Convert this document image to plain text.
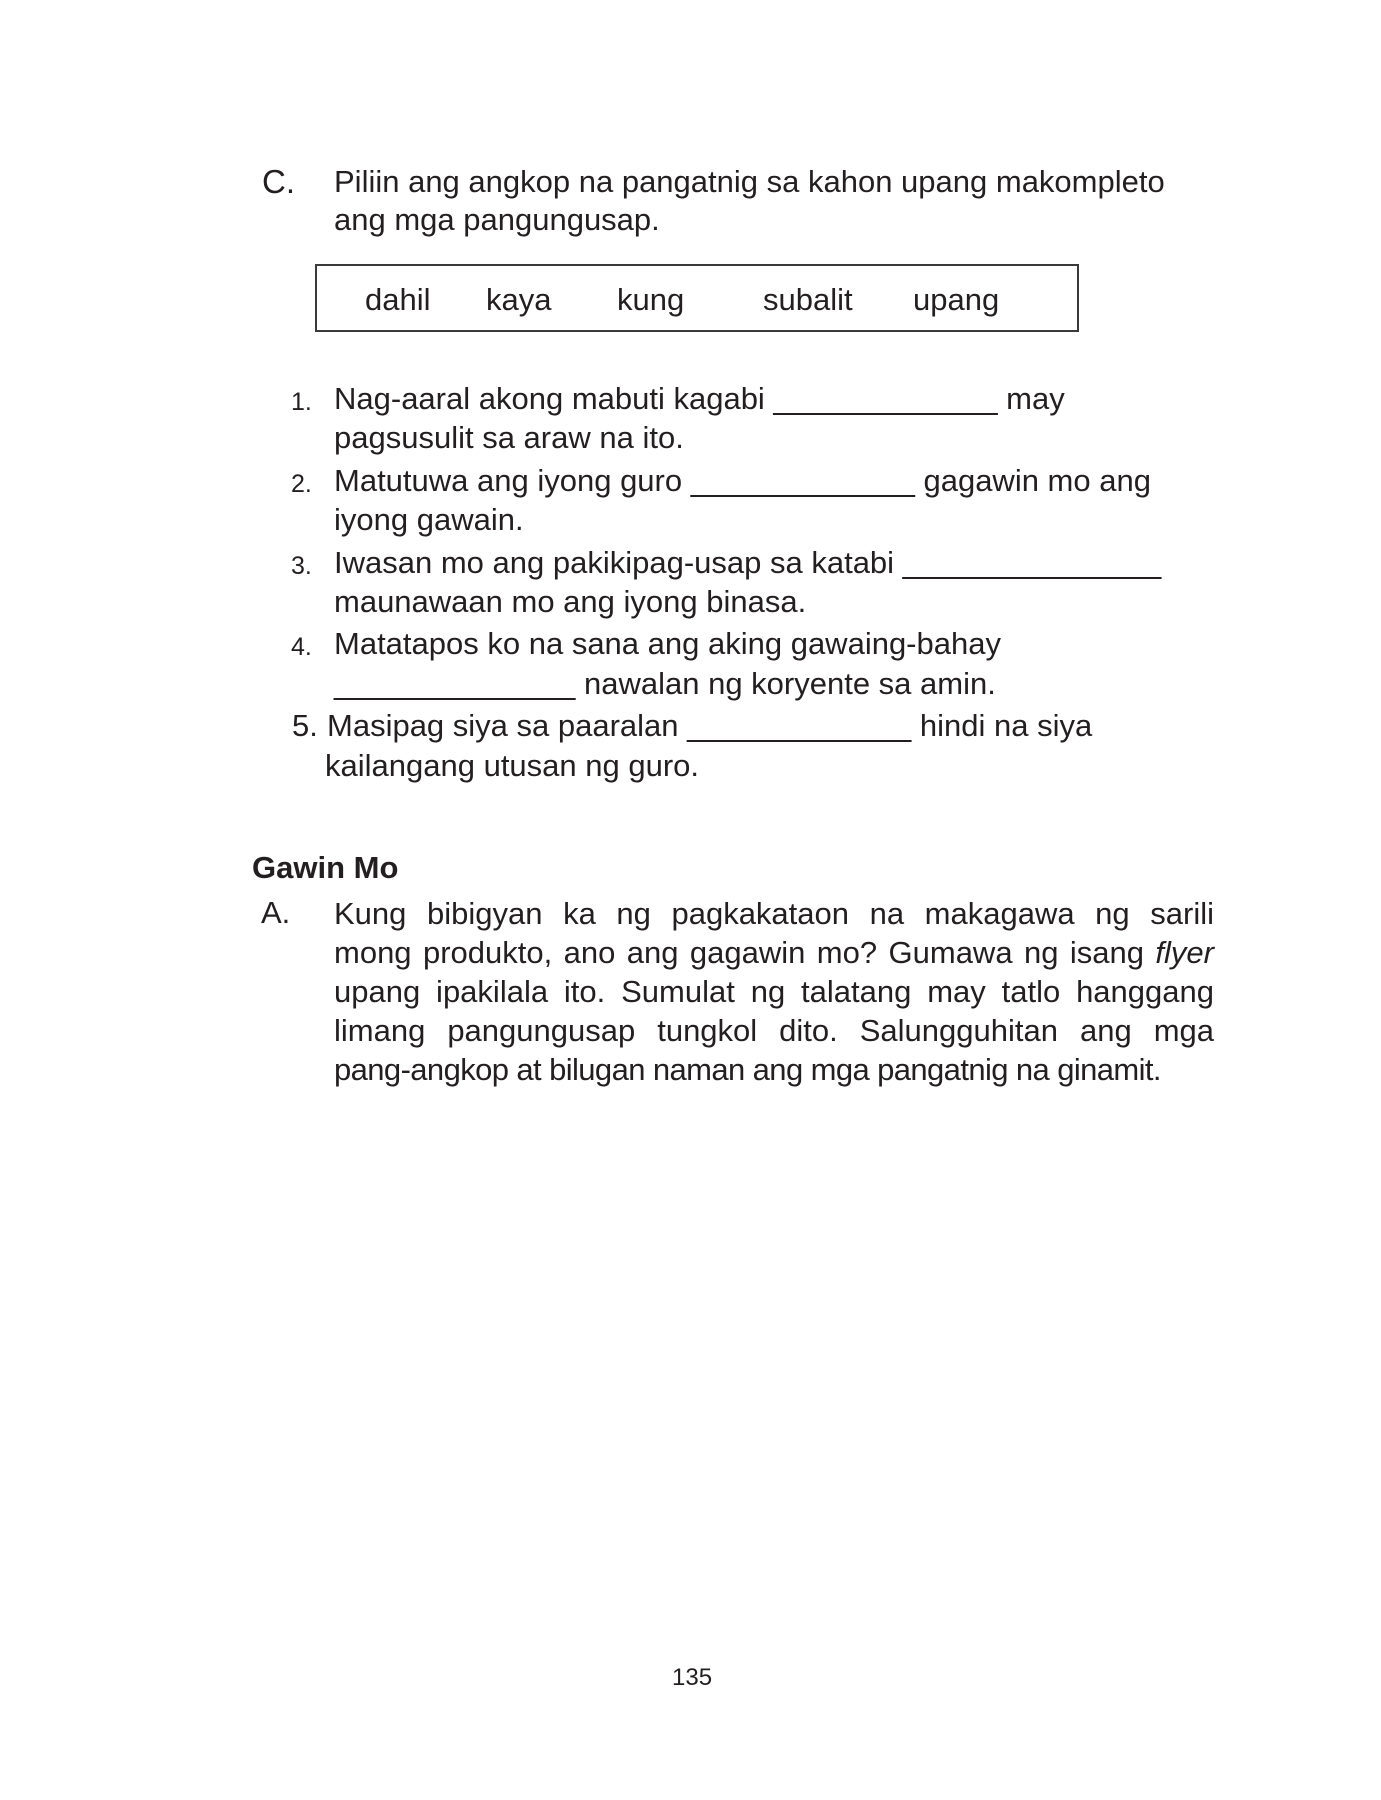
C. Piliin ang angkop na pangatnig sa kahon upang makompleto
ang mga pangungusap.
dahil kaya kung	subalit upang
1. Nag-aaral akong mabuti kagabi _____________ may
pagsusulit sa araw na ito.
2. Matutuwa ang iyong guro _____________ gagawin mo ang
iyong gawain.
3. Iwasan mo ang pakikipag-usap sa katabi _______________
maunawaan mo ang iyong binasa.
4. Matatapos ko na sana ang aking gawaing-bahay
______________ nawalan ng koryente sa amin.
5. Masipag siya sa paaralan _____________ hindi na siya
kailangang utusan ng guro.
Gawin Mo
A. Kung bibigyan ka ng pagkakataon na makagawa ng sarili
mong produkto, ano ang gagawin mo? Gumawa ng isang flyer
upang ipakilala ito. Sumulat ng talatang may tatlo hanggang
limang pangungusap tungkol dito. Salungguhitan ang mga
pang-angkop at bilugan naman ang mga pangatnig na ginamit.
135
